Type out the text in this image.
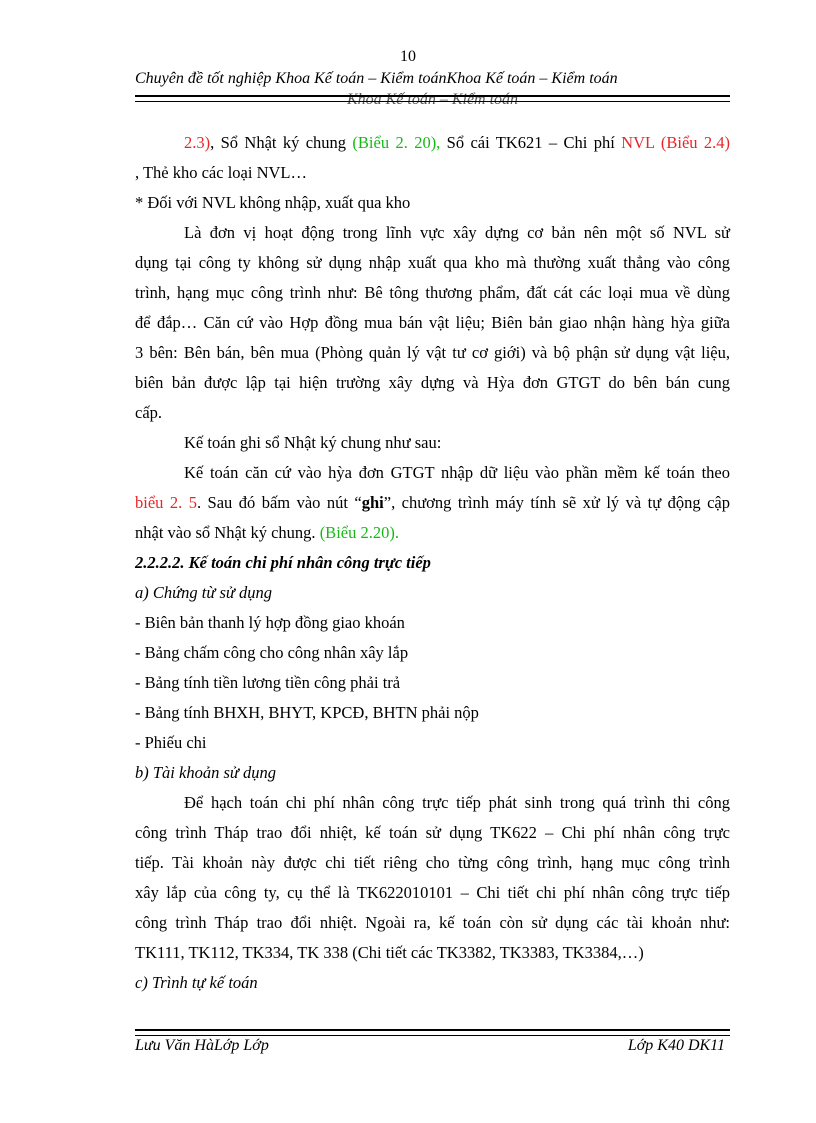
10
Chuyên đề tốt nghiệp Khoa Kế toán – Kiểm toánKhoa Kế toán – Kiểm toán
Khoa Kế toán – Kiểm toán
2.3), Sổ Nhật ký chung (Biểu 2. 20), Sổ cái TK621 – Chi phí NVL (Biểu 2.4)
, Thẻ kho các loại NVL…
* Đối với NVL không nhập, xuất qua kho
Là đơn vị hoạt động trong lĩnh vực xây dựng cơ bản nên một số NVL sử
dụng tại công ty không sử dụng nhập xuất qua kho mà thường xuất thẳng vào công
trình, hạng mục công trình như: Bê tông thương phẩm, đất cát các loại mua về dùng
để đắp… Căn cứ vào Hợp đồng mua bán vật liệu; Biên bản giao nhận hàng hỳa giữa
3 bên: Bên bán, bên mua (Phòng quản lý vật tư cơ giới) và bộ phận sử dụng vật liệu,
biên bản được lập tại hiện trường xây dựng và Hỳa đơn GTGT do bên bán cung
cấp.
Kế toán ghi sổ Nhật ký chung như sau:
Kế toán căn cứ vào hỳa đơn GTGT nhập dữ liệu vào phần mềm kế toán theo
biểu 2. 5. Sau đó bấm vào nút “ghi”, chương trình máy tính sẽ xử lý và tự động cập
nhật vào sổ Nhật ký chung. (Biểu 2.20).
2.2.2.2. Kế toán chi phí nhân công trực tiếp
a) Chứng từ sử dụng
- Biên bản thanh lý hợp đồng giao khoán
- Bảng chấm công cho công nhân xây lắp
- Bảng tính tiền lương tiền công phải trả
- Bảng tính BHXH, BHYT, KPCĐ, BHTN phải nộp
- Phiếu chi
b) Tài khoản sử dụng
Để hạch toán chi phí nhân công trực tiếp phát sinh trong quá trình thi công
công trình Tháp trao đổi nhiệt, kế toán sử dụng TK622 – Chi phí nhân công trực
tiếp. Tài khoản này được chi tiết riêng cho từng công trình, hạng mục công trình
xây lắp của công ty, cụ thể là TK622010101 – Chi tiết chi phí nhân công trực tiếp
công trình Tháp trao đổi nhiệt. Ngoài ra, kế toán còn sử dụng các tài khoản như:
TK111, TK112, TK334, TK 338 (Chi tiết các TK3382, TK3383, TK3384,…)
c) Trình tự kế toán
Lưu Văn HàLớp Lớp	Lớp K40 DK11
